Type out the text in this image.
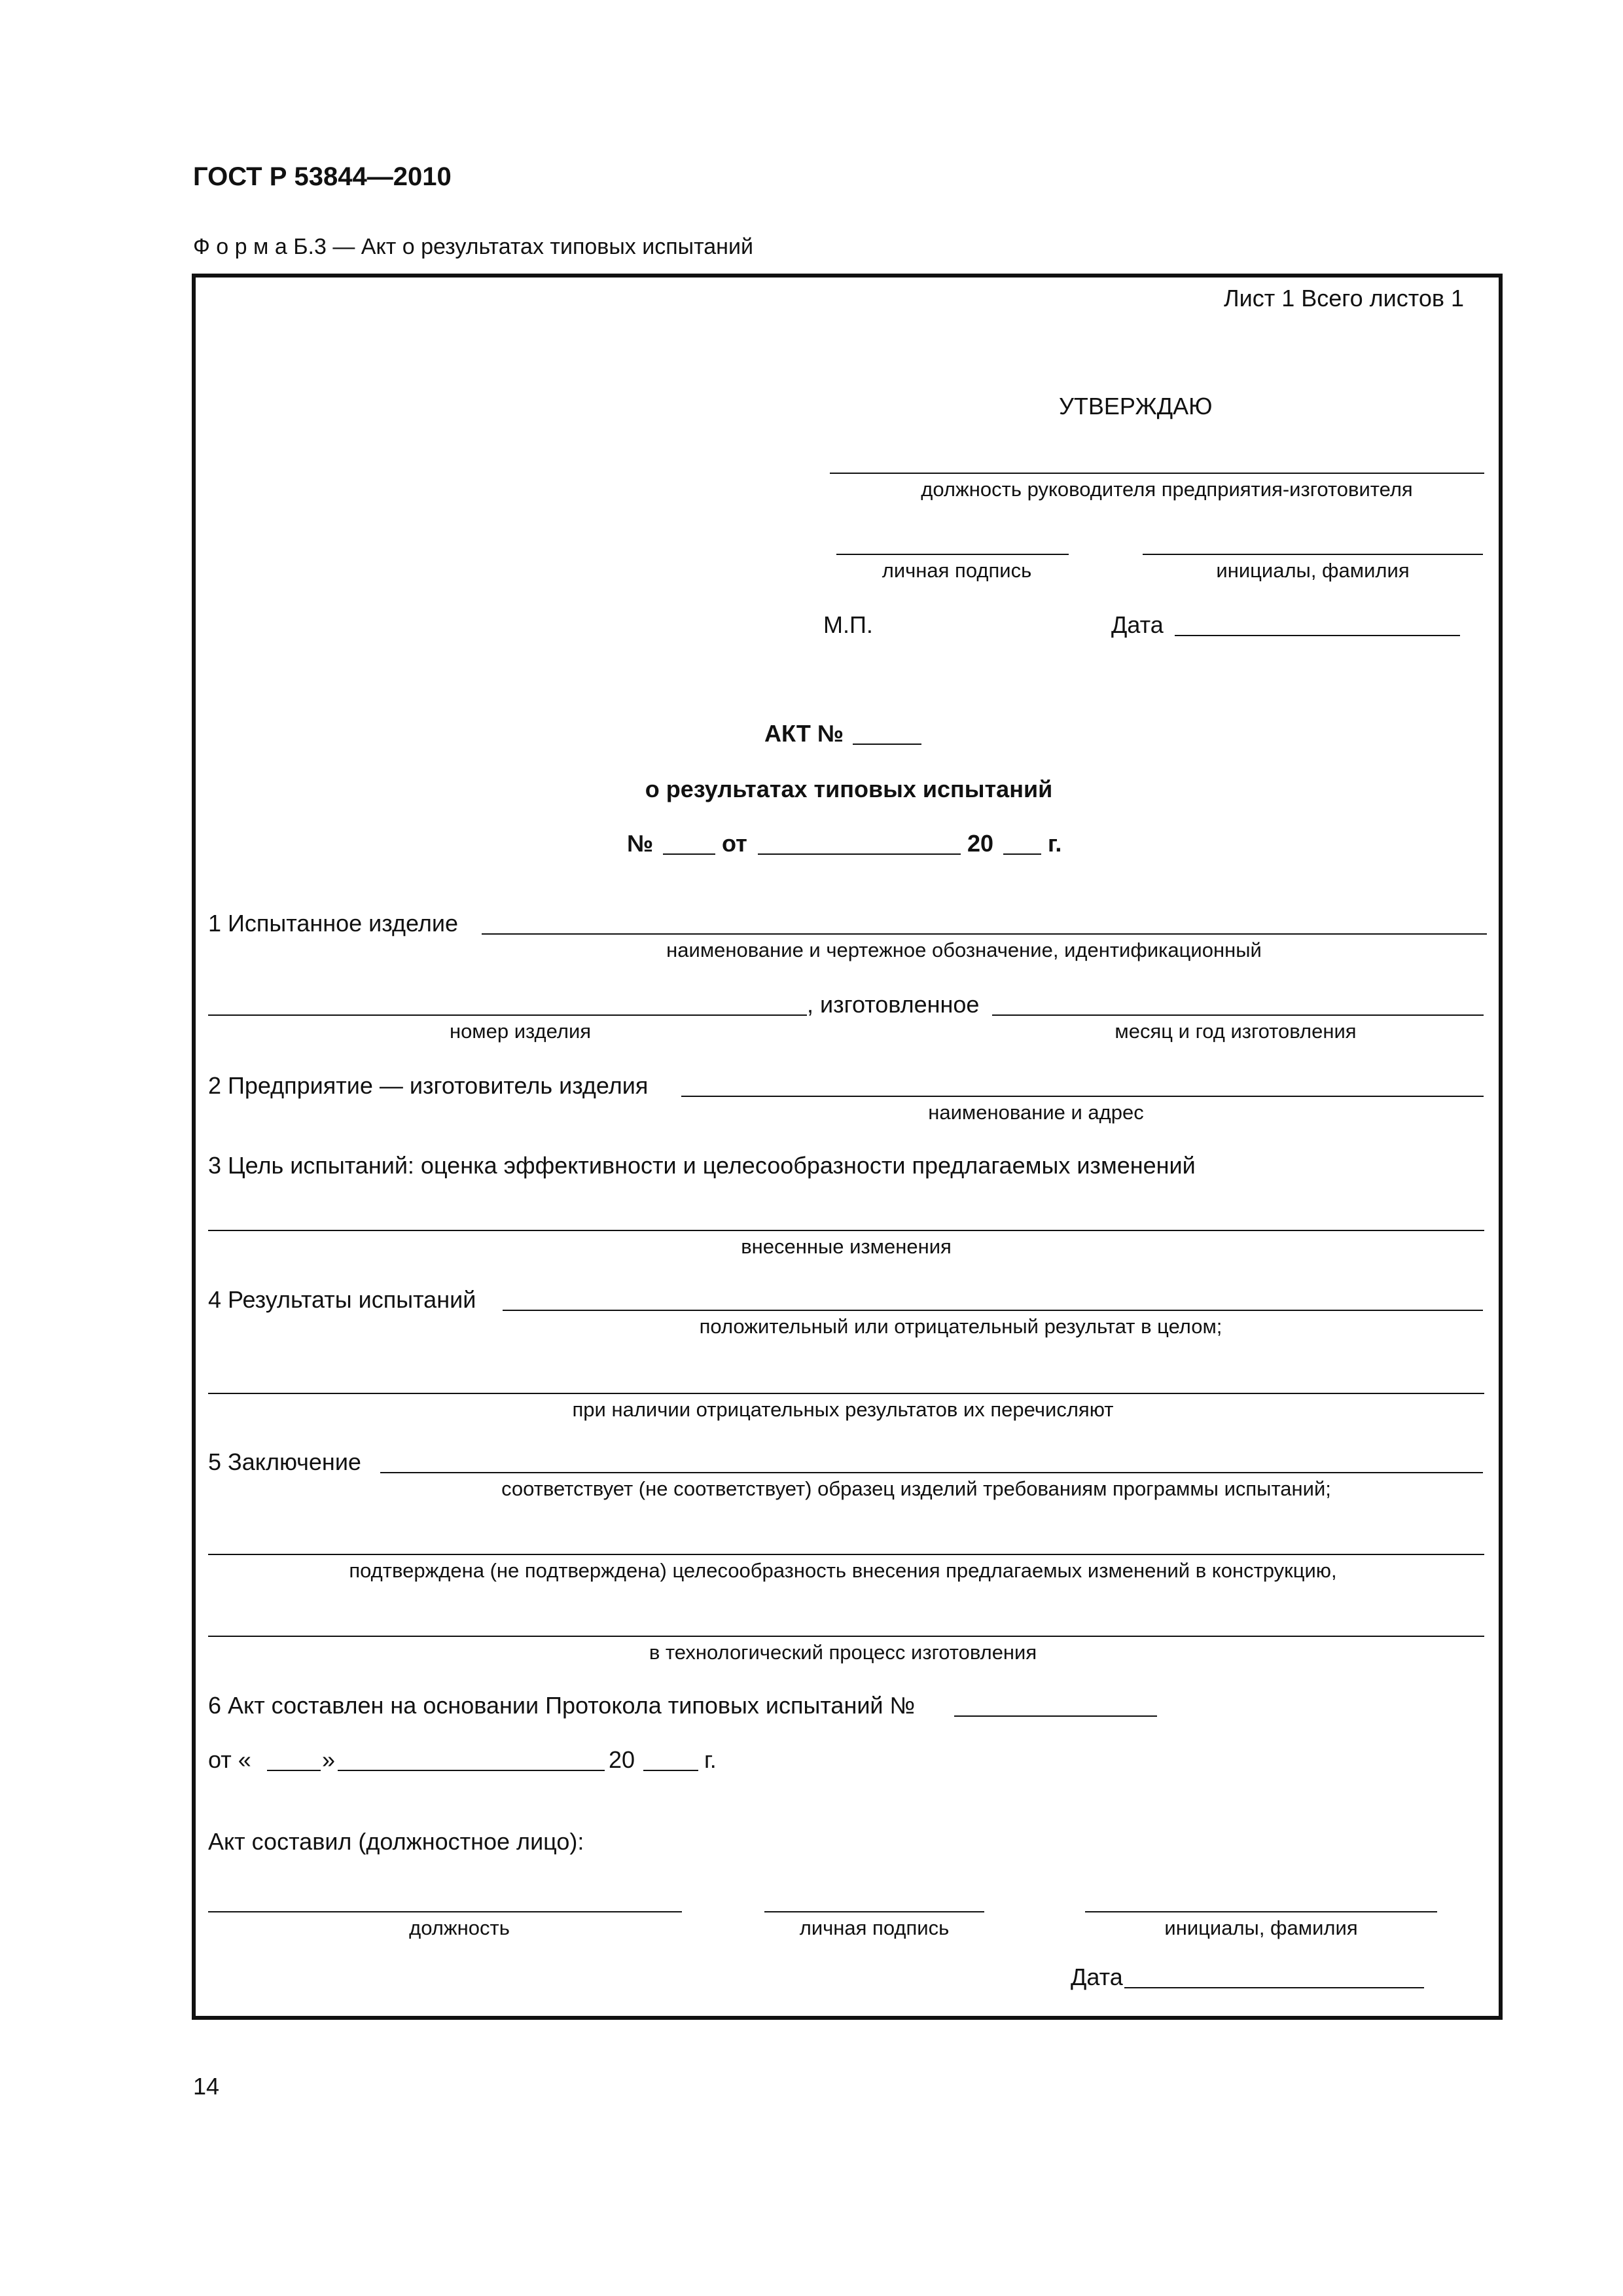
ГОСТ Р 53844—2010
Ф о р м а Б.3 — Акт о результатах типовых испытаний
Лист 1 Всего листов 1
УТВЕРЖДАЮ
должность руководителя предприятия-изготовителя
личная подпись	инициалы, фамилия
М.П.	Дата
АКТ №
о результатах типовых испытаний
№	от	20 г.
1 Испытанное изделие
наименование и чертежное обозначение, идентификационный
, изготовленное
номер изделия	месяц и год изготовления
2 Предприятие — изготовитель изделия
наименование и адрес
3 Цель испытаний: оценка эффективности и целесообразности предлагаемых изменений
внесенные изменения
4 Результаты испытаний
положительный или отрицательный результат в целом;
при наличии отрицательных результатов их перечисляют
5 Заключение
соответствует (не соответствует) образец изделий требованиям программы испытаний;
подтверждена (не подтверждена) целесообразность внесения предлагаемых изменений в конструкцию,
в технологический процесс изготовления
6 Акт составлен на основании Протокола типовых испытаний №
от «	»	20	г.
Акт составил (должностное лицо):
должность	личная подпись	инициалы, фамилия
Дата
14
